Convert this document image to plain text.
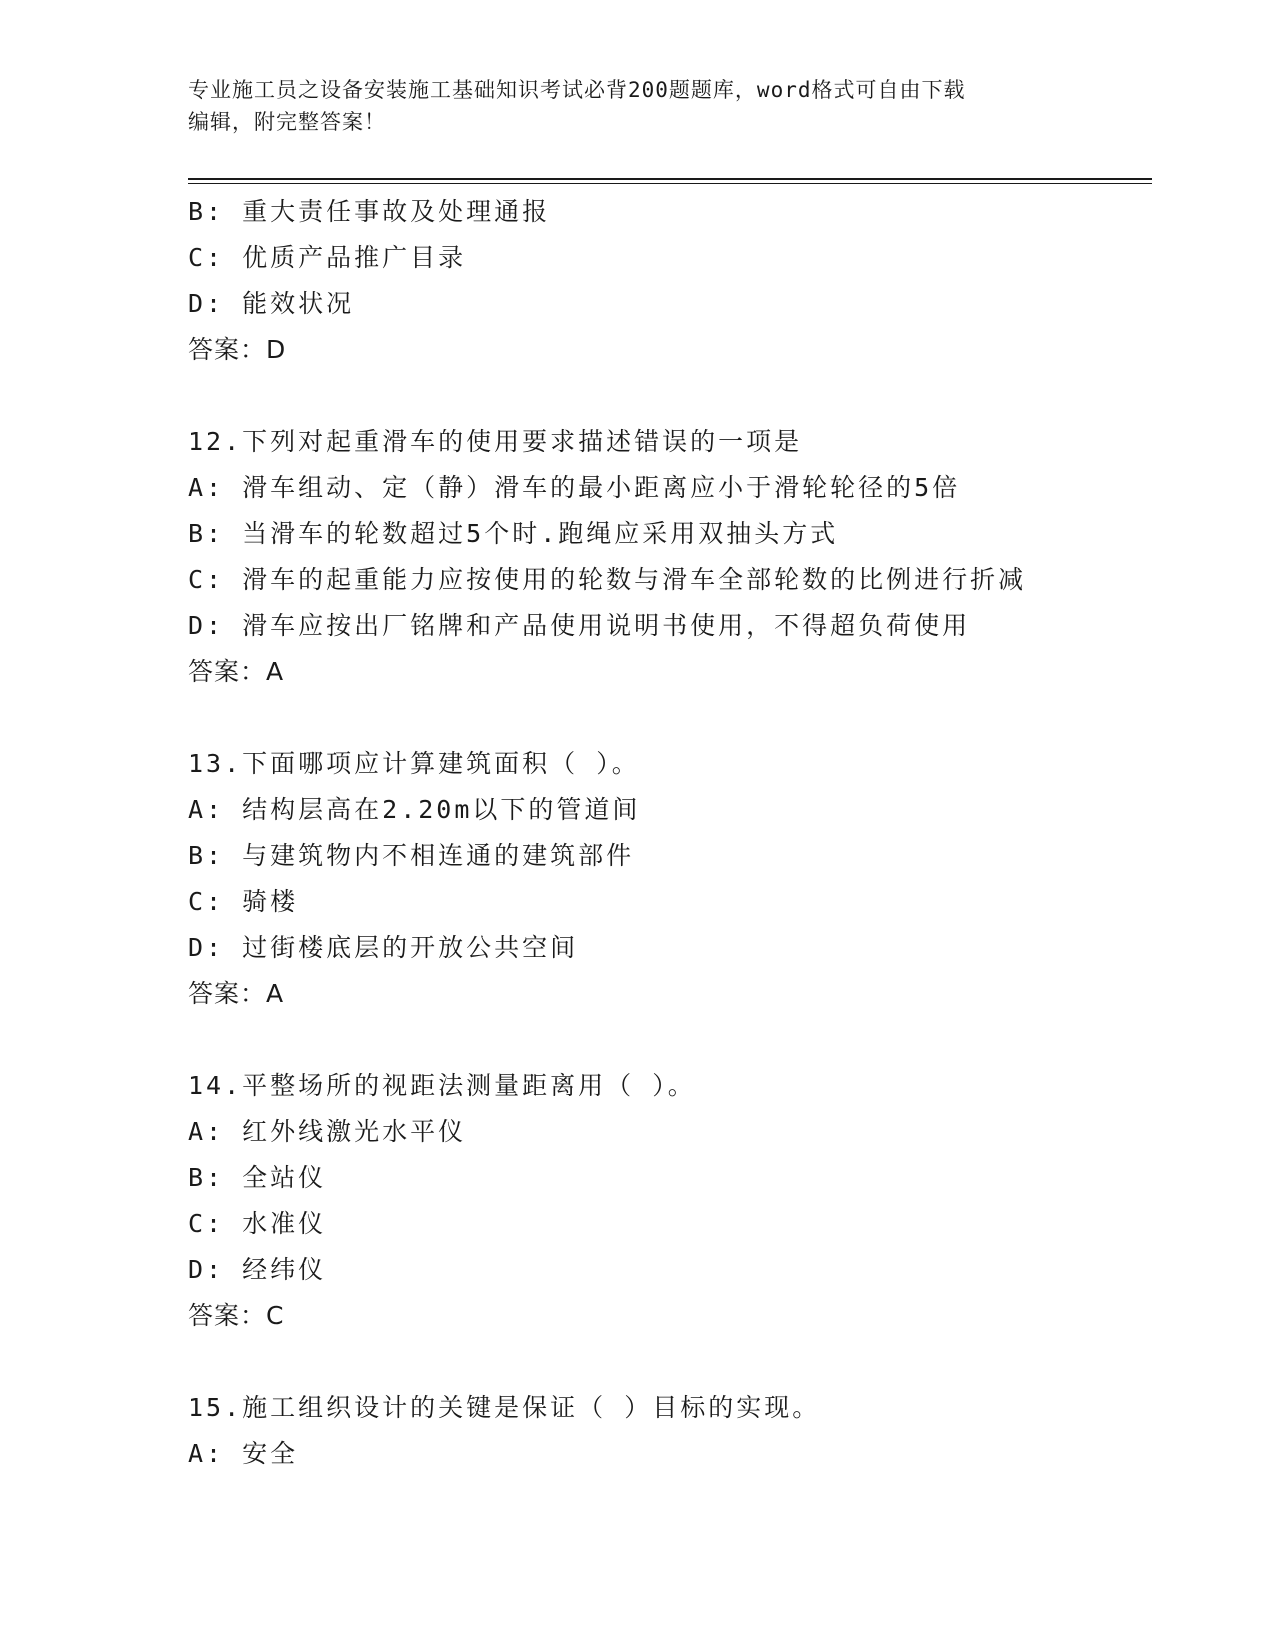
专业施工员之设备安装施工基础知识考试必背200题题库，word格式可自由下载
编辑，附完整答案！
B: 重大责任事故及处理通报
C: 优质产品推广目录
D: 能效状况
答案：D
12.下列对起重滑车的使用要求描述错误的一项是
A: 滑车组动、定（静）滑车的最小距离应小于滑轮轮径的5倍
B: 当滑车的轮数超过5个时.跑绳应采用双抽头方式
C: 滑车的起重能力应按使用的轮数与滑车全部轮数的比例进行折减
D: 滑车应按出厂铭牌和产品使用说明书使用，不得超负荷使用
答案：A
13.下面哪项应计算建筑面积（ ）。
A: 结构层高在2.20m以下的管道间
B: 与建筑物内不相连通的建筑部件
C: 骑楼
D: 过街楼底层的开放公共空间
答案：A
14.平整场所的视距法测量距离用（ ）。
A: 红外线激光水平仪
B: 全站仪
C: 水准仪
D: 经纬仪
答案：C
15.施工组织设计的关键是保证（ ）目标的实现。
A: 安全
